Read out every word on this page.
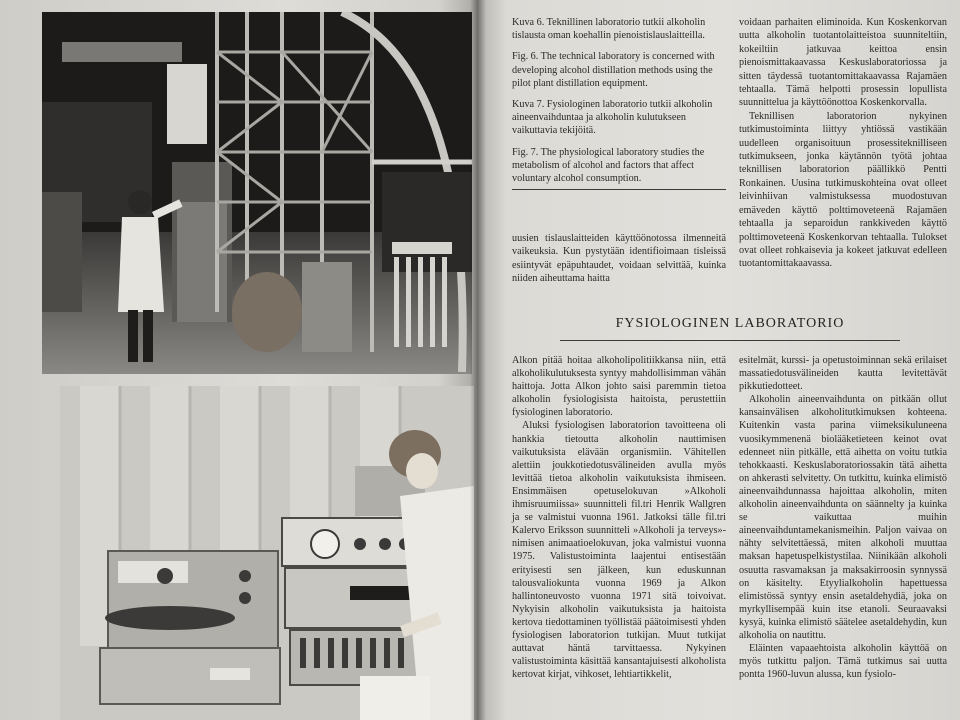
Kuva 6. Teknillinen laboratorio tutkii alkoholin tislausta oman koehallin pienoistislauslaitteilla.

Fig. 6. The technical laboratory is concerned with developing alcohol distillation methods using the pilot plant distillation equipment.

Kuva 7. Fysiologinen laboratorio tutkii alkoholin aineenvaihduntaa ja alkoholin kulutukseen vaikuttavia tekijöitä.

Fig. 7. The physiological laboratory studies the metabolism of alcohol and factors that affect voluntary alcohol consumption.

uusien tislauslaitteiden käyttöönotossa ilmenneitä vaikeuksia. Kun pystytään identifioimaan tisleissä esiintyvät epäpuhtaudet, voidaan selvittää, kuinka niiden aiheuttama haitta

voidaan parhaiten eliminoida. Kun Koskenkorvan uutta alkoholin tuotantolaitteistoa suunniteltiin, kokeiltiin jatkuvaa keittoa ensin pienoismittakaavassa Keskuslaboratoriossa ja sitten täydessä tuotantomittakaavassa Rajamäen tehtaalla. Tämä helpotti prosessin lopullista suunnittelua ja käyttöönottoa Koskenkorvalla.

Teknillisen laboratorion nykyinen tutkimustoiminta liittyy yhtiössä vastikään uudelleen organisoituun prosessiteknilliseen tutkimukseen, jonka käytännön työtä johtaa teknillisen laboratorion päällikkö Pentti Ronkainen. Uusina tutkimuskohteina ovat olleet leivinhiivan valmistuksessa muodostuvan emäveden käyttö polttimoveteenä Rajamäen tehtaalla ja separoidun rankkiveden käyttö polttimoveteenä Koskenkorvan tehtaalla. Tulokset ovat olleet rohkaisevia ja kokeet jatkuvat edelleen tuotantomittakaavassa.

FYSIOLOGINEN LABORATORIO

Alkon pitää hoitaa alkoholipolitiikkansa niin, että alkoholikulutuksesta syntyy mahdollisimman vähän haittoja. Jotta Alkon johto saisi paremmin tietoa alkoholin fysiologisista haitoista, perustettiin fysiologinen laboratorio.

Aluksi fysiologisen laboratorion tavoitteena oli hankkia tietoutta alkoholin nauttimisen vaikutuksista elävään organismiin. Vähitellen alettiin joukkotiedotusvälineiden avulla myös levittää tietoa alkoholin vaikutuksista ihmiseen. Ensimmäisen opetuselokuvan »Alkoholi ihmisruumiissa» suunnitteli fil.tri Henrik Wallgren ja se valmistui vuonna 1961. Jatkoksi tälle fil.tri Kalervo Eriksson suunnitteli »Alkoholi ja terveys»-nimisen animaatioelokuvan, joka valmistui vuonna 1975. Valistustoiminta laajentui entisestään erityisesti sen jälkeen, kun eduskunnan talousvaliokunta vuonna 1969 ja Alkon hallintoneuvosto vuonna 1971 sitä toivoivat. Nykyisin alkoholin vaikutuksista ja haitoista kertova tiedottaminen työllistää päätoimisesti yhden fysiologisen laboratorion tutkijan. Muut tutkijat auttavat häntä tarvittaessa. Nykyinen valistustoiminta käsittää kansantajuisesti alkoholista kertovat kirjat, vihkoset, lehtiartikkelit,

esitelmät, kurssi- ja opetustoiminnan sekä erilaiset massatiedotusvälineiden kautta levitettävät pikkutiedotteet.

Alkoholin aineenvaihdunta on pitkään ollut kansainvälisen alkoholitutkimuksen kohteena. Kuitenkin vasta parina viimeksikuluneena vuosikymmenenä biolääketieteen keinot ovat edenneet niin pitkälle, että aihetta on voitu tutkia tehokkaasti. Keskuslaboratoriossakin tätä aihetta on ahkerasti selvitetty. On tutkittu, kuinka elimistö aineenvaihdunnassa hajoittaa alkoholin, miten alkoholin aineenvaihdunta on säännelty ja kuinka se vaikuttaa muihin aineenvaihduntamekanismeihin. Paljon vaivaa on nähty selvitettäessä, miten alkoholi muuttaa maksan hapetuspelkistystilaa. Niinikään alkoholi osuutta rasvamaksan ja maksakirroosin synnyssä on käsitelty. Etyylialkoholin hapettuessa elimistössä syntyy ensin asetaldehydiä, joka on myrkyllisempää kuin itse etanoli. Seuraavaksi kysyä, kuinka elimistö säätelee asetaldehydin, kun alkoholia on nautittu.

Eläinten vapaaehtoista alkoholin käyttöä on myös tutkittu paljon. Tämä tutkimus sai uutta pontta 1960-luvun alussa, kun fysiolo-
